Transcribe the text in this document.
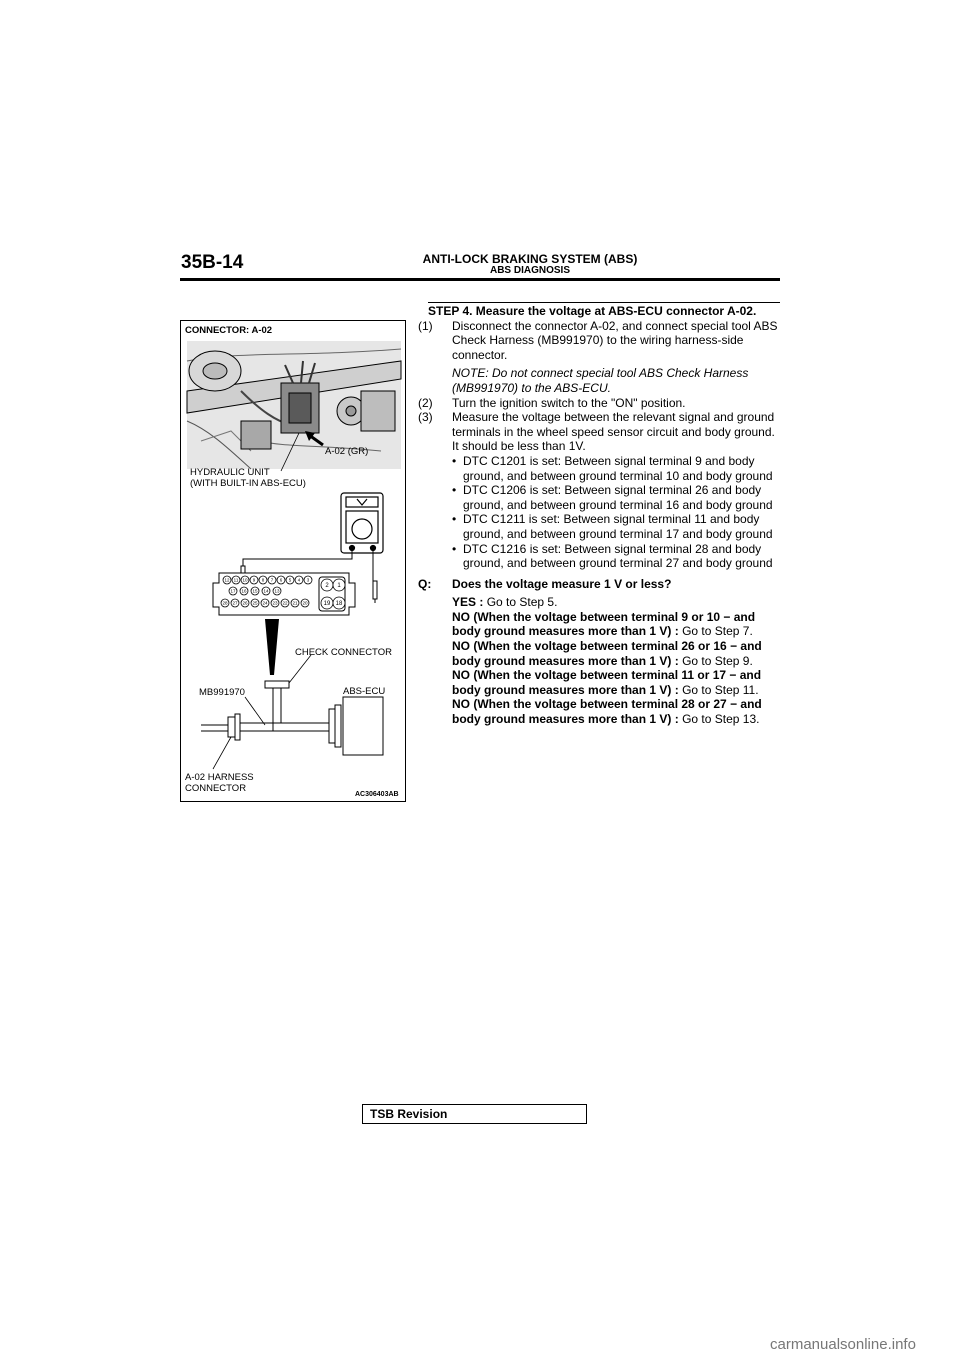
35B-14	ANTI-LOCK BRAKING SYSTEM (ABS)
ABS DIAGNOSIS
12 11 10 9 8 7 6 5 4 3
17 16 15 14 13
28 27 26 25 24 23 22 21 20
2 1
19 18
CONNECTOR: A-02
A-02 (GR)
HYDRAULIC UNIT
(WITH BUILT-IN ABS-ECU)
CHECK CONNECTOR
MB991970	ABS-ECU
A-02 HARNESS
CONNECTOR
AC306403AB
STEP 4. Measure the voltage at ABS-ECU connector A-02.
(1)	Disconnect the connector A-02, and connect special tool ABS Check Harness (MB991970) to the wiring harness-side connector.
NOTE: Do not connect special tool ABS Check Harness (MB991970) to the ABS-ECU.
(2)	Turn the ignition switch to the "ON" position.
(3)	Measure the voltage between the relevant signal and ground terminals in the wheel speed sensor circuit and body ground. It should be less than 1V.
• DTC C1201 is set: Between signal terminal 9 and body ground, and between ground terminal 10 and body ground
• DTC C1206 is set: Between signal terminal 26 and body ground, and between ground terminal 16 and body ground
• DTC C1211 is set: Between signal terminal 11 and body ground, and between ground terminal 17 and body ground
• DTC C1216 is set: Between signal terminal 28 and body ground, and between ground terminal 27 and body ground
Q:	Does the voltage measure 1 V or less?
YES : Go to Step 5.
NO (When the voltage between terminal 9 or 10 − and body ground measures more than 1 V) : Go to Step 7.
NO (When the voltage between terminal 26 or 16 − and body ground measures more than 1 V) : Go to Step 9.
NO (When the voltage between terminal 11 or 17 − and body ground measures more than 1 V) : Go to Step 11.
NO (When the voltage between terminal 28 or 27 − and body ground measures more than 1 V) : Go to Step 13.
TSB Revision
carmanualsonline.info
